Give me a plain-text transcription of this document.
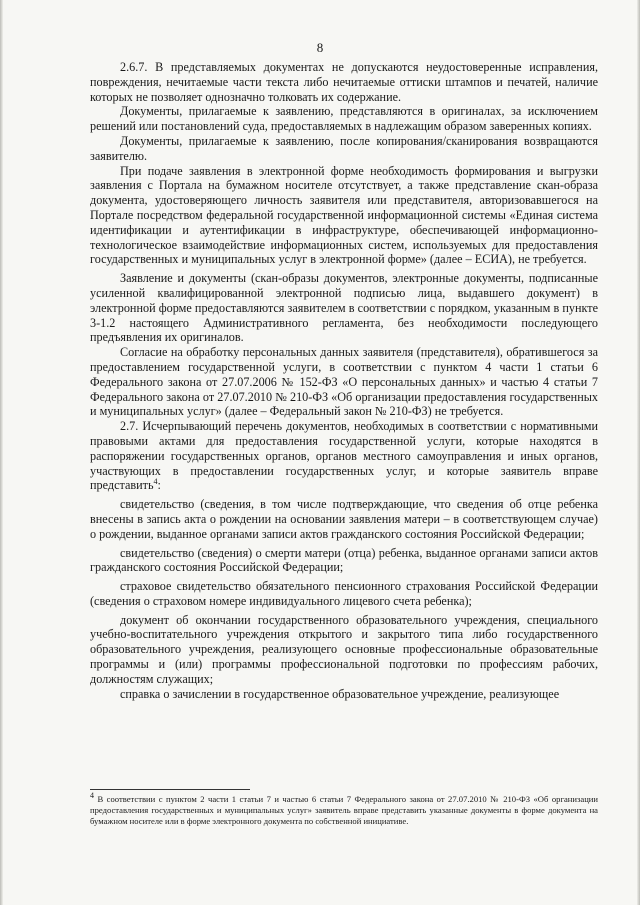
8

2.6.7. В представляемых документах не допускаются неудостоверенные исправления, повреждения, нечитаемые части текста либо нечитаемые оттиски штампов и печатей, наличие которых не позволяет однозначно толковать их содержание.

Документы, прилагаемые к заявлению, представляются в оригиналах, за исключением решений или постановлений суда, предоставляемых в надлежащим образом заверенных копиях.

Документы, прилагаемые к заявлению, после копирования/сканирования возвращаются заявителю.

При подаче заявления в электронной форме необходимость формирования и выгрузки заявления с Портала на бумажном носителе отсутствует, а также представление скан-образа документа, удостоверяющего личность заявителя или представителя, авторизовавшегося на Портале посредством федеральной государственной информационной системы «Единая система идентификации и аутентификации в инфраструктуре, обеспечивающей информационно-технологическое взаимодействие информационных систем, используемых для предоставления государственных и муниципальных услуг в электронной форме» (далее – ЕСИА), не требуется.

Заявление и документы (скан-образы документов, электронные документы, подписанные усиленной квалифицированной электронной подписью лица, выдавшего документ) в электронной форме предоставляются заявителем в соответствии с порядком, указанным в пункте 3-1.2 настоящего Административного регламента, без необходимости последующего предъявления их оригиналов.

Согласие на обработку персональных данных заявителя (представителя), обратившегося за предоставлением государственной услуги, в соответствии с пунктом 4 части 1 статьи 6 Федерального закона от 27.07.2006 № 152-ФЗ «О персональных данных» и частью 4 статьи 7 Федерального закона от 27.07.2010 № 210-ФЗ «Об организации предоставления государственных и муниципальных услуг» (далее – Федеральный закон № 210-ФЗ) не требуется.

2.7. Исчерпывающий перечень документов, необходимых в соответствии с нормативными правовыми актами для предоставления государственной услуги, которые находятся в распоряжении государственных органов, органов местного самоуправления и иных органов, участвующих в предоставлении государственных услуг, и которые заявитель вправе представить$^4$:

свидетельство (сведения, в том числе подтверждающие, что сведения об отце ребенка внесены в запись акта о рождении на основании заявления матери – в соответствующем случае) о рождении, выданное органами записи актов гражданского состояния Российской Федерации;

свидетельство (сведения) о смерти матери (отца) ребенка, выданное органами записи актов гражданского состояния Российской Федерации;

страховое свидетельство обязательного пенсионного страхования Российской Федерации (сведения о страховом номере индивидуального лицевого счета ребенка);

документ об окончании государственного образовательного учреждения, специального учебно-воспитательного учреждения открытого и закрытого типа либо государственного образовательного учреждения, реализующего основные профессиональные образовательные программы и (или) программы профессиональной подготовки по профессиям рабочих, должностям служащих;

справка о зачислении в государственное образовательное учреждение, реализующее

$^4$ В соответствии с пунктом 2 части 1 статьи 7 и частью 6 статьи 7 Федерального закона от 27.07.2010 № 210-ФЗ «Об организации предоставления государственных и муниципальных услуг» заявитель вправе представить указанные документы в форме документа на бумажном носителе или в форме электронного документа по собственной инициативе.
